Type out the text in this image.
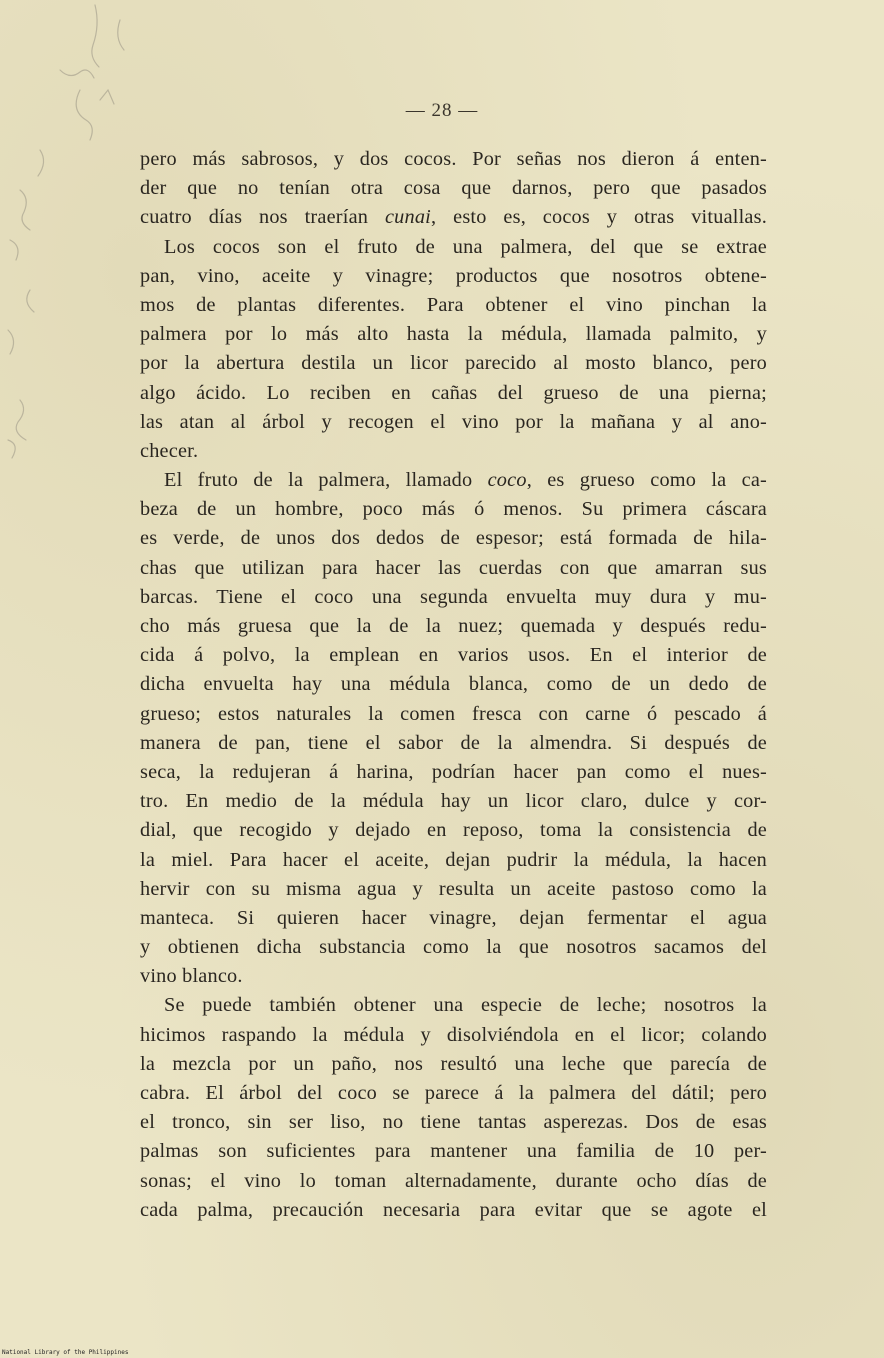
— 28 —
pero más sabrosos, y dos cocos. Por señas nos dieron á enten-
der que no tenían otra cosa que darnos, pero que pasados
cuatro días nos traerían cunai, esto es, cocos y otras vituallas.
Los cocos son el fruto de una palmera, del que se extrae
pan, vino, aceite y vinagre; productos que nosotros obtene-
mos de plantas diferentes. Para obtener el vino pinchan la
palmera por lo más alto hasta la médula, llamada palmito, y
por la abertura destila un licor parecido al mosto blanco, pero
algo ácido. Lo reciben en cañas del grueso de una pierna;
las atan al árbol y recogen el vino por la mañana y al ano-
checer.
El fruto de la palmera, llamado coco, es grueso como la ca-
beza de un hombre, poco más ó menos. Su primera cáscara
es verde, de unos dos dedos de espesor; está formada de hila-
chas que utilizan para hacer las cuerdas con que amarran sus
barcas. Tiene el coco una segunda envuelta muy dura y mu-
cho más gruesa que la de la nuez; quemada y después redu-
cida á polvo, la emplean en varios usos. En el interior de
dicha envuelta hay una médula blanca, como de un dedo de
grueso; estos naturales la comen fresca con carne ó pescado á
manera de pan, tiene el sabor de la almendra. Si después de
seca, la redujeran á harina, podrían hacer pan como el nues-
tro. En medio de la médula hay un licor claro, dulce y cor-
dial, que recogido y dejado en reposo, toma la consistencia de
la miel. Para hacer el aceite, dejan pudrir la médula, la hacen
hervir con su misma agua y resulta un aceite pastoso como la
manteca. Si quieren hacer vinagre, dejan fermentar el agua
y obtienen dicha substancia como la que nosotros sacamos del
vino blanco.
Se puede también obtener una especie de leche; nosotros la
hicimos raspando la médula y disolviéndola en el licor; colando
la mezcla por un paño, nos resultó una leche que parecía de
cabra. El árbol del coco se parece á la palmera del dátil; pero
el tronco, sin ser liso, no tiene tantas asperezas. Dos de esas
palmas son suficientes para mantener una familia de 10 per-
sonas; el vino lo toman alternadamente, durante ocho días de
cada palma, precaución necesaria para evitar que se agote el
National Library of the Philippines
